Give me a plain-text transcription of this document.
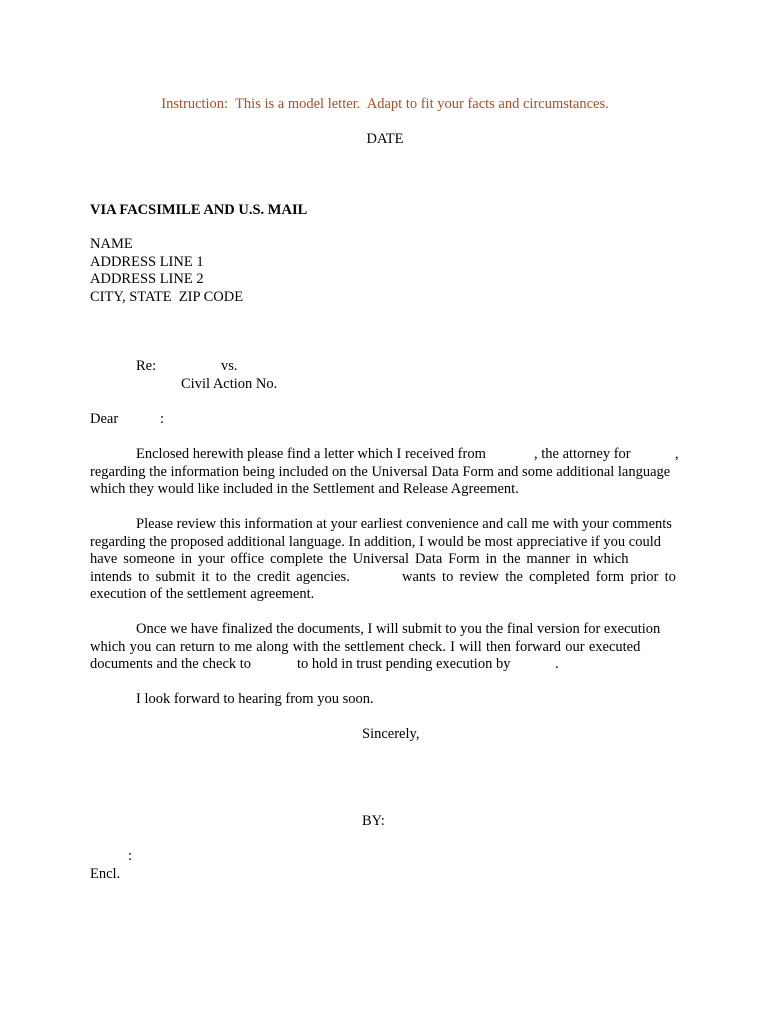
Instruction:  This is a model letter.  Adapt to fit your facts and circumstances.
DATE
VIA FACSIMILE AND U.S. MAIL
NAME
ADDRESS LINE 1
ADDRESS LINE 2
CITY, STATE  ZIP CODE
Re:	vs.
Civil Action No.
Dear	:
Enclosed herewith please find a letter which I received from	, the attorney for	,
regarding the information being included on the Universal Data Form and some additional language
which they would like included in the Settlement and Release Agreement.
Please review this information at your earliest convenience and call me with your comments
regarding the proposed additional language. In addition, I would be most appreciative if you could
have someone in your office complete the Universal Data Form in the manner in which
intends to submit it to the credit agencies.	wants to review the completed form prior to
execution of the settlement agreement.
Once we have finalized the documents, I will submit to you the final version for execution
which you can return to me along with the settlement check. I will then forward our executed
documents and the check to	to hold in trust pending execution by	.
I look forward to hearing from you soon.
Sincerely,
BY:
:
Encl.
